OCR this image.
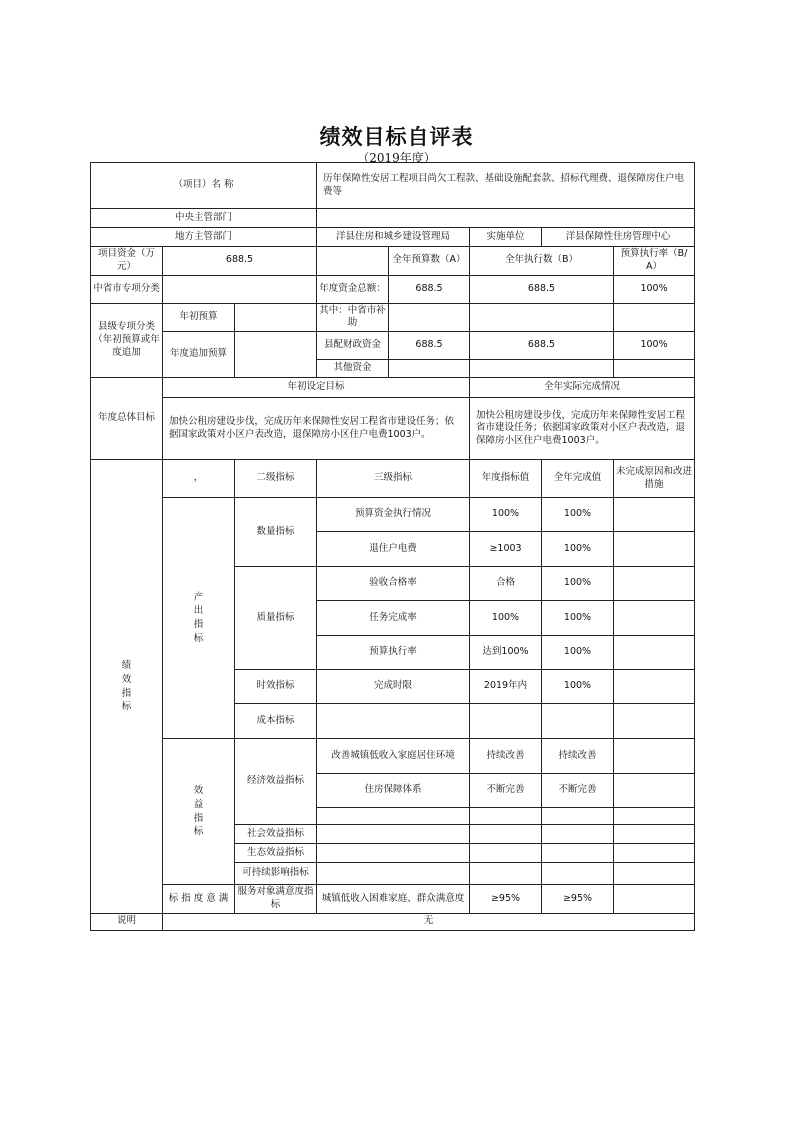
绩效目标自评表
（2019年度）
（项目）名 称			历年保障性安居工程项目尚欠工程款、基础设施配套款、招标代理费、退保障房住户电费等				
中央主管部门							
地方主管部门			洋县住房和城乡建设管理局		实施单位	洋县保障性住房管理中心	
项目资金（万元）	688.5			全年预算数（A）	全年执行数（B）		预算执行率（B/A）
中省市专项分类			年度资金总额：	688.5	688.5		100%
县级专项分类（年初预算或年度追加	年初预算		其中：中省市补助				
	年度追加预算		县配财政资金	688.5	688.5		100%
			其他资金				
年度总体目标	年初设定目标				全年实际完成情况		
	加快公租房建设步伐，完成历年来保障性安居工程省市建设任务；依据国家政策对小区户表改造，退保障房小区住户电费1003户。				加快公租房建设步伐，完成历年来保障性安居工程省市建设任务；依据国家政策对小区户表改造，退保障房小区住户电费1003户。		
绩效指标	，	二级指标	三级指标		年度指标值	全年完成值	未完成原因和改进措施
	产出指标	数量指标	预算资金执行情况		100%	100%	
			退住户电费		≥1003	100%	
		质量指标	验收合格率		合格	100%	
			任务完成率		100%	100%	
			预算执行率		达到100%	100%	
		时效指标	完成时限		2019年内	100%	
		成本指标					
	效益指标	经济效益指标	改善城镇低收入家庭居住环境		持续改善	持续改善	
			住房保障体系		不断完善	不断完善	

		社会效益指标					
		生态效益指标					
		可持续影响指标					
	标 指 度 意 满	服务对象满意度指标	城镇低收入困难家庭、群众满意度		≥95%	≥95%	
说明	无						
